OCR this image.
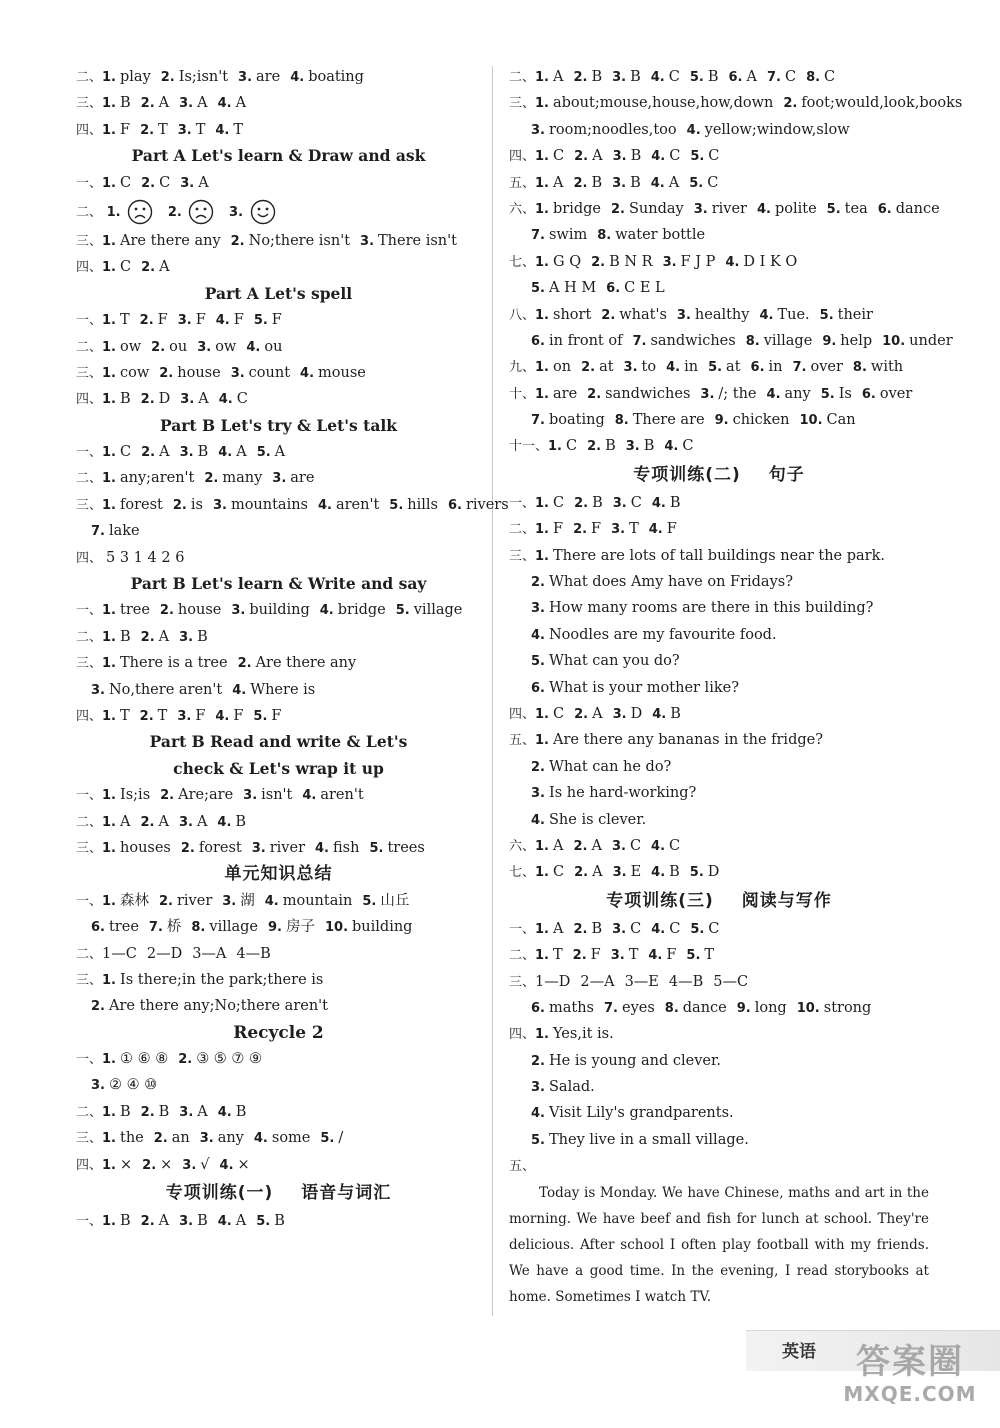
二、1. play 2. Is;isn't 3. are 4. boating
三、1. B 2. A 3. A 4. A
四、1. F 2. T 3. T 4. T
Part A Let's learn & Draw and ask
一、1. C 2. C 3. A
二、 1.	2.	3.
三、1. Are there any 2. No;there isn't 3. There isn't
四、1. C 2. A
Part A Let's spell
一、1. T 2. F 3. F 4. F 5. F
二、1. ow 2. ou 3. ow 4. ou
三、1. cow 2. house 3. count 4. mouse
四、1. B 2. D 3. A 4. C
Part B Let's try & Let's talk
一、1. C 2. A 3. B 4. A 5. A
二、1. any;aren't 2. many 3. are
三、1. forest 2. is 3. mountains 4. aren't 5. hills 6. rivers
7. lake
四、 5 3 1 4 2 6
Part B Let's learn & Write and say
一、1. tree 2. house 3. building 4. bridge 5. village
二、1. B 2. A 3. B
三、1. There is a tree 2. Are there any
3. No,there aren't 4. Where is
四、1. T 2. T 3. F 4. F 5. F
Part B Read and write & Let's
check & Let's wrap it up
一、1. Is;is 2. Are;are 3. isn't 4. aren't
二、1. A 2. A 3. A 4. B
三、1. houses 2. forest 3. river 4. fish 5. trees
单元知识总结
一、1. 森林 2. river 3. 湖 4. mountain 5. 山丘
6. tree 7. 桥 8. village 9. 房子 10. building
二、1—C 2—D 3—A 4—B
三、1. Is there;in the park;there is
2. Are there any;No;there aren't
Recycle 2
一、1. ① ⑥ ⑧ 2. ③ ⑤ ⑦ ⑨
3. ② ④ ⑩
二、1. B 2. B 3. A 4. B
三、1. the 2. an 3. any 4. some 5. /
四、1. × 2. × 3. √ 4. ×
专项训练(一) 语音与词汇
一、1. B 2. A 3. B 4. A 5. B
二、1. A 2. B 3. B 4. C 5. B 6. A 7. C 8. C
三、1. about;mouse,house,how,down 2. foot;would,look,books
3. room;noodles,too 4. yellow;window,slow
四、1. C 2. A 3. B 4. C 5. C
五、1. A 2. B 3. B 4. A 5. C
六、1. bridge 2. Sunday 3. river 4. polite 5. tea 6. dance
7. swim 8. water bottle
七、1. G Q 2. B N R 3. F J P 4. D I K O
5. A H M 6. C E L
八、1. short 2. what's 3. healthy 4. Tue. 5. their
6. in front of 7. sandwiches 8. village 9. help 10. under
九、1. on 2. at 3. to 4. in 5. at 6. in 7. over 8. with
十、1. are 2. sandwiches 3. /; the 4. any 5. Is 6. over
7. boating 8. There are 9. chicken 10. Can
十一、1. C 2. B 3. B 4. C
专项训练(二) 句子
一、1. C 2. B 3. C 4. B
二、1. F 2. F 3. T 4. F
三、1. There are lots of tall buildings near the park.
2. What does Amy have on Fridays?
3. How many rooms are there in this building?
4. Noodles are my favourite food.
5. What can you do?
6. What is your mother like?
四、1. C 2. A 3. D 4. B
五、1. Are there any bananas in the fridge?
2. What can he do?
3. Is he hard-working?
4. She is clever.
六、1. A 2. A 3. C 4. C
七、1. C 2. A 3. E 4. B 5. D
专项训练(三) 阅读与写作
一、1. A 2. B 3. C 4. C 5. C
二、1. T 2. F 3. T 4. F 5. T
三、1—D 2—A 3—E 4—B 5—C
6. maths 7. eyes 8. dance 9. long 10. strong
四、1. Yes,it is.
2. He is young and clever.
3. Salad.
4. Visit Lily's grandparents.
5. They live in a small village.
五、
Today is Monday. We have Chinese, maths and art in the morning. We have beef and fish for lunch at school. They're delicious. After school I often play football with my friends. We have a good time. In the evening, I read storybooks at home. Sometimes I watch TV.
英语	答案圈
MXQE.COM
